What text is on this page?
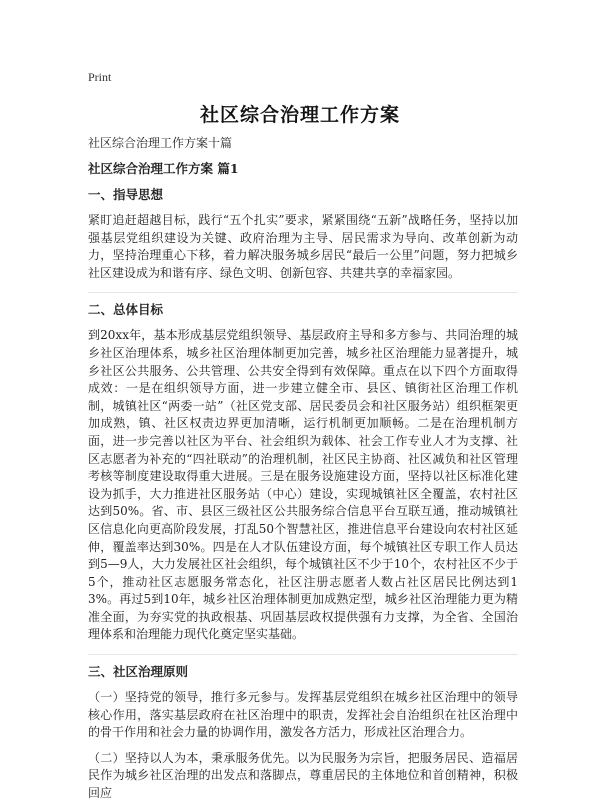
Print
社区综合治理工作方案
社区综合治理工作方案十篇
社区综合治理工作方案 篇1
一、指导思想
紧盯追赶超越目标，践行“五个扎实”要求，紧紧围绕“五新”战略任务，坚持以加强基层党组织建设为关键、政府治理为主导、居民需求为导向、改革创新为动力，坚持治理重心下移，着力解决服务城乡居民“最后一公里”问题，努力把城乡社区建设成为和谐有序、绿色文明、创新包容、共建共享的幸福家园。
二、总体目标
到20xx年，基本形成基层党组织领导、基层政府主导和多方参与、共同治理的城乡社区治理体系，城乡社区治理体制更加完善，城乡社区治理能力显著提升，城乡社区公共服务、公共管理、公共安全得到有效保障。重点在以下四个方面取得成效：一是在组织领导方面，进一步建立健全市、县区、镇街社区治理工作机制，城镇社区“两委一站”（社区党支部、居民委员会和社区服务站）组织框架更加成熟，镇、社区权责边界更加清晰，运行机制更加顺畅。二是在治理机制方面，进一步完善以社区为平台、社会组织为载体、社会工作专业人才为支撑、社区志愿者为补充的“四社联动”的治理机制，社区民主协商、社区减负和社区管理考核等制度建设取得重大进展。三是在服务设施建设方面，坚持以社区标准化建设为抓手，大力推进社区服务站（中心）建设，实现城镇社区全覆盖，农村社区达到50%。省、市、县区三级社区公共服务综合信息平台互联互通，推动城镇社区信息化向更高阶段发展，打乱50个智慧社区，推进信息平台建设向农村社区延伸，覆盖率达到30%。四是在人才队伍建设方面，每个城镇社区专职工作人员达到5—9人，大力发展社区社会组织，每个城镇社区不少于10个，农村社区不少于5个，推动社区志愿服务常态化，社区注册志愿者人数占社区居民比例达到13%。再过5到10年，城乡社区治理体制更加成熟定型，城乡社区治理能力更为精准全面，为夯实党的执政根基、巩固基层政权提供强有力支撑，为全省、全国治理体系和治理能力现代化奠定坚实基础。
三、社区治理原则
（一）坚持党的领导，推行多元参与。发挥基层党组织在城乡社区治理中的领导核心作用，落实基层政府在社区治理中的职责，发挥社会自治组织在社区治理中的骨干作用和社会力量的协调作用，激发各方活力，形成社区治理合力。
（二）坚持以人为本，秉承服务优先。以为民服务为宗旨，把服务居民、造福居民作为城乡社区治理的出发点和落脚点，尊重居民的主体地位和首创精神，积极回应
